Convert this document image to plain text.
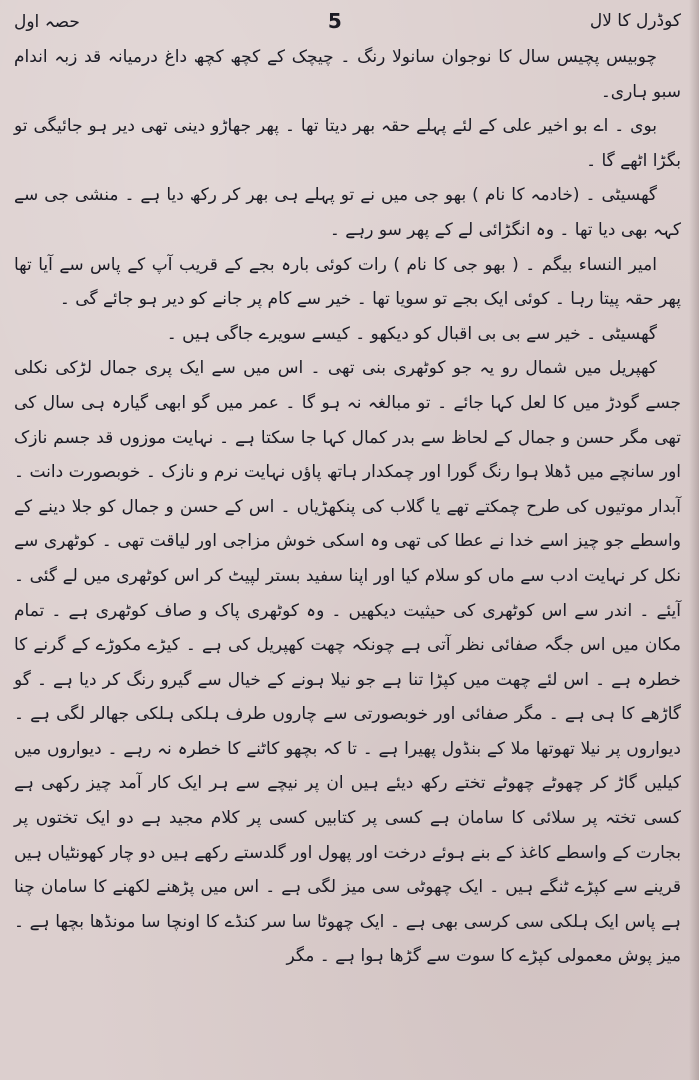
کوڈرل کا لال
5
حصہ اول

چوبیس پچیس سال کا نوجوان سانولا رنگ ۔ چیچک کے کچھ کچھ داغ درمیانہ قد زبہ اندام سبو ہاری۔

بوی ۔ اے بو اخیر علی کے لئے پہلے حقہ بھر دیتا تھا ۔ پھر جھاڑو دینی تھی دیر ہو جائیگی تو بگڑا اٹھے گا ۔

گھسیٹی ۔ (خادمہ کا نام ) بھو جی میں نے تو پہلے ہی بھر کر رکھ دیا ہے ۔ منشی جی سے کہہ بھی دیا تھا ۔ وہ انگڑائی لے کے پھر سو رہے ۔

امیر النساء بیگم ۔ ( بھو جی کا نام ) رات کوئی بارہ بجے کے قریب آپ کے پاس سے آیا تھا پھر حقہ پیتا رہا ۔ کوئی ایک بجے تو سویا تھا ۔ خیر سے کام پر جانے کو دیر ہو جائے گی ۔

گھسیٹی ۔ خیر سے بی بی اقبال کو دیکھو ۔ کیسے سویرے جاگی ہیں ۔

کھپریل میں شمال رو یہ جو کوٹھری بنی تھی ۔ اس میں سے ایک پری جمال لڑکی نکلی جسے گودڑ میں کا لعل کہا جائے ۔ تو مبالغہ نہ ہو گا ۔ عمر میں گو ابھی گیارہ ہی سال کی تھی مگر حسن و جمال کے لحاظ سے بدر کمال کہا جا سکتا ہے ۔ نہایت موزوں قد جسم نازک اور سانچے میں ڈھلا ہوا رنگ گورا اور چمکدار ہاتھ پاؤں نہایت نرم و نازک ۔ خوبصورت دانت ۔ آبدار موتیوں کی طرح چمکتے تھے یا گلاب کی پنکھڑیاں ۔ اس کے حسن و جمال کو جلا دینے کے واسطے جو چیز اسے خدا نے عطا کی تھی وہ اسکی خوش مزاجی اور لیاقت تھی ۔ کوٹھری سے نکل کر نہایت ادب سے ماں کو سلام کیا اور اپنا سفید بستر لپیٹ کر اس کوٹھری میں لے گئی ۔ آیئے ۔ اندر سے اس کوٹھری کی حیثیت دیکھیں ۔ وہ کوٹھری پاک و صاف کوٹھری ہے ۔ تمام مکان میں اس جگہ صفائی نظر آتی ہے چونکہ چھت کھپریل کی ہے ۔ کیڑے مکوڑے کے گرنے کا خطرہ ہے ۔ اس لئے چھت میں کپڑا تنا ہے جو نیلا ہونے کے خیال سے گیرو رنگ کر دیا ہے ۔ گو گاڑھے کا ہی ہے ۔ مگر صفائی اور خوبصورتی سے چاروں طرف ہلکی ہلکی جھالر لگی ہے ۔ دیواروں پر نیلا تھوتھا ملا کے بنڈول پھیرا ہے ۔ تا کہ بچھو کاٹنے کا خطرہ نہ رہے ۔ دیواروں میں کیلیں گاڑ کر چھوٹے چھوٹے تختے رکھ دیئے ہیں ان پر نیچے سے ہر ایک کار آمد چیز رکھی ہے کسی تختہ پر سلائی کا سامان ہے کسی پر کتابیں کسی پر کلام مجید ہے دو ایک تختوں پر بجارت کے واسطے کاغذ کے بنے ہوئے درخت اور پھول اور گلدستے رکھے ہیں دو چار کھونٹیاں ہیں قرینے سے کپڑے ٹنگے ہیں ۔ ایک چھوٹی سی میز لگی ہے ۔ اس میں پڑھنے لکھنے کا سامان چنا ہے پاس ایک ہلکی سی کرسی بھی ہے ۔ ایک چھوٹا سا سر کنڈے کا اونچا سا مونڈھا بچھا ہے ۔ میز پوش معمولی کپڑے کا سوت سے گڑھا ہوا ہے ۔ مگر
